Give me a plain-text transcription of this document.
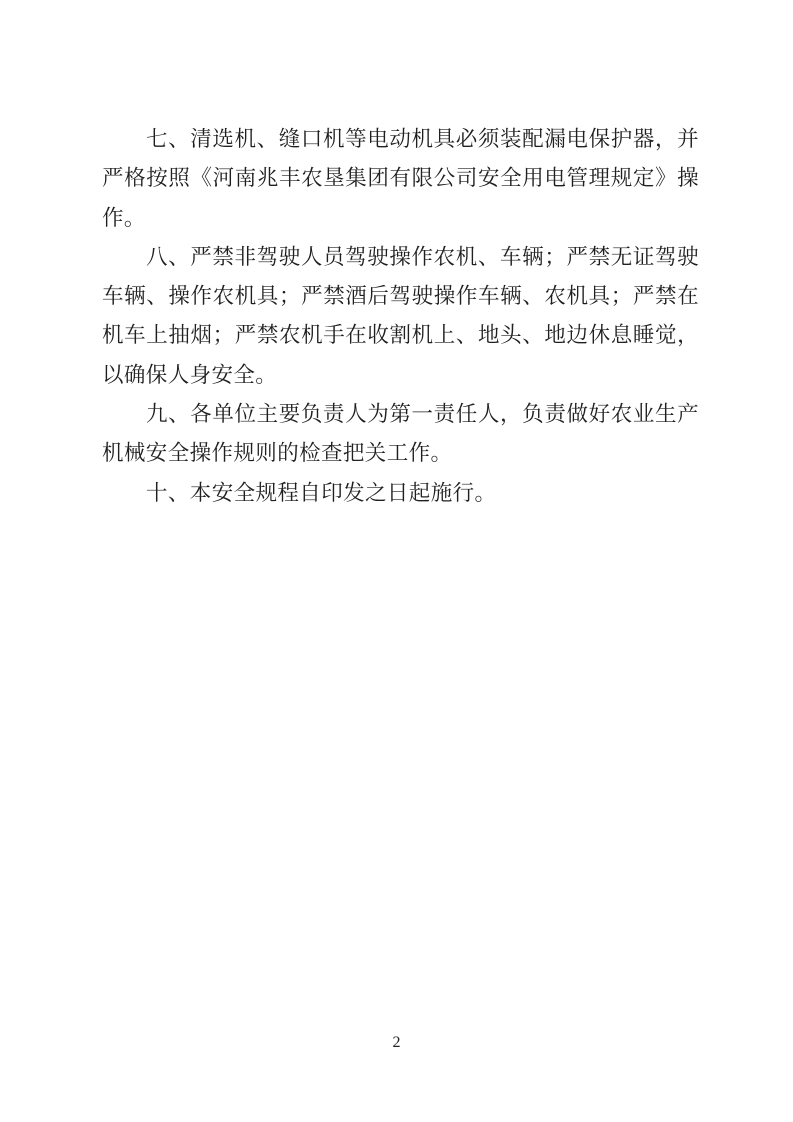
七、清选机、缝口机等电动机具必须装配漏电保护器，并严格按照《河南兆丰农垦集团有限公司安全用电管理规定》操作。

八、严禁非驾驶人员驾驶操作农机、车辆；严禁无证驾驶车辆、操作农机具；严禁酒后驾驶操作车辆、农机具；严禁在机车上抽烟；严禁农机手在收割机上、地头、地边休息睡觉，以确保人身安全。

九、各单位主要负责人为第一责任人，负责做好农业生产机械安全操作规则的检查把关工作。

十、本安全规程自印发之日起施行。

2
